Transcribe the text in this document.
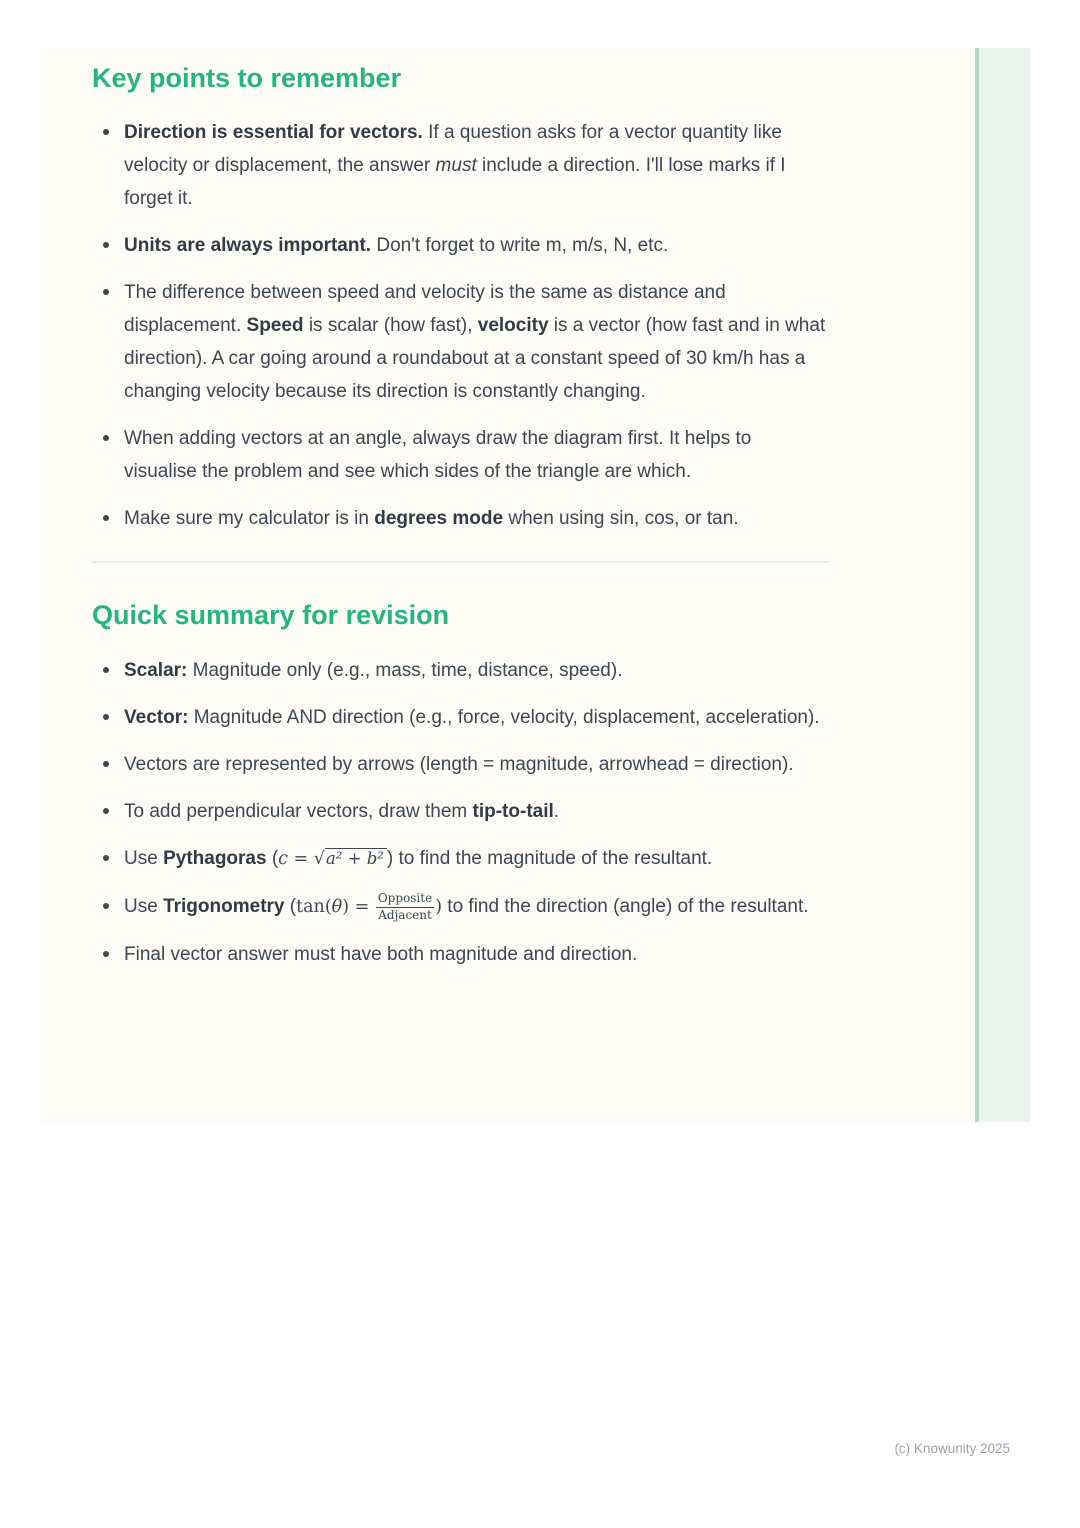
Key points to remember
Direction is essential for vectors. If a question asks for a vector quantity like velocity or displacement, the answer must include a direction. I'll lose marks if I forget it.
Units are always important. Don't forget to write m, m/s, N, etc.
The difference between speed and velocity is the same as distance and displacement. Speed is scalar (how fast), velocity is a vector (how fast and in what direction). A car going around a roundabout at a constant speed of 30 km/h has a changing velocity because its direction is constantly changing.
When adding vectors at an angle, always draw the diagram first. It helps to visualise the problem and see which sides of the triangle are which.
Make sure my calculator is in degrees mode when using sin, cos, or tan.
Quick summary for revision
Scalar: Magnitude only (e.g., mass, time, distance, speed).
Vector: Magnitude AND direction (e.g., force, velocity, displacement, acceleration).
Vectors are represented by arrows (length = magnitude, arrowhead = direction).
To add perpendicular vectors, draw them tip-to-tail.
Use Pythagoras (c = √a² + b² ) to find the magnitude of the resultant.
Use Trigonometry ($\tan(\theta) = \frac{\text{Opposite}}{\text{Adjacent}}$ ) to find the direction (angle) of the resultant.
Final vector answer must have both magnitude and direction.
(c) Knowunity 2025
